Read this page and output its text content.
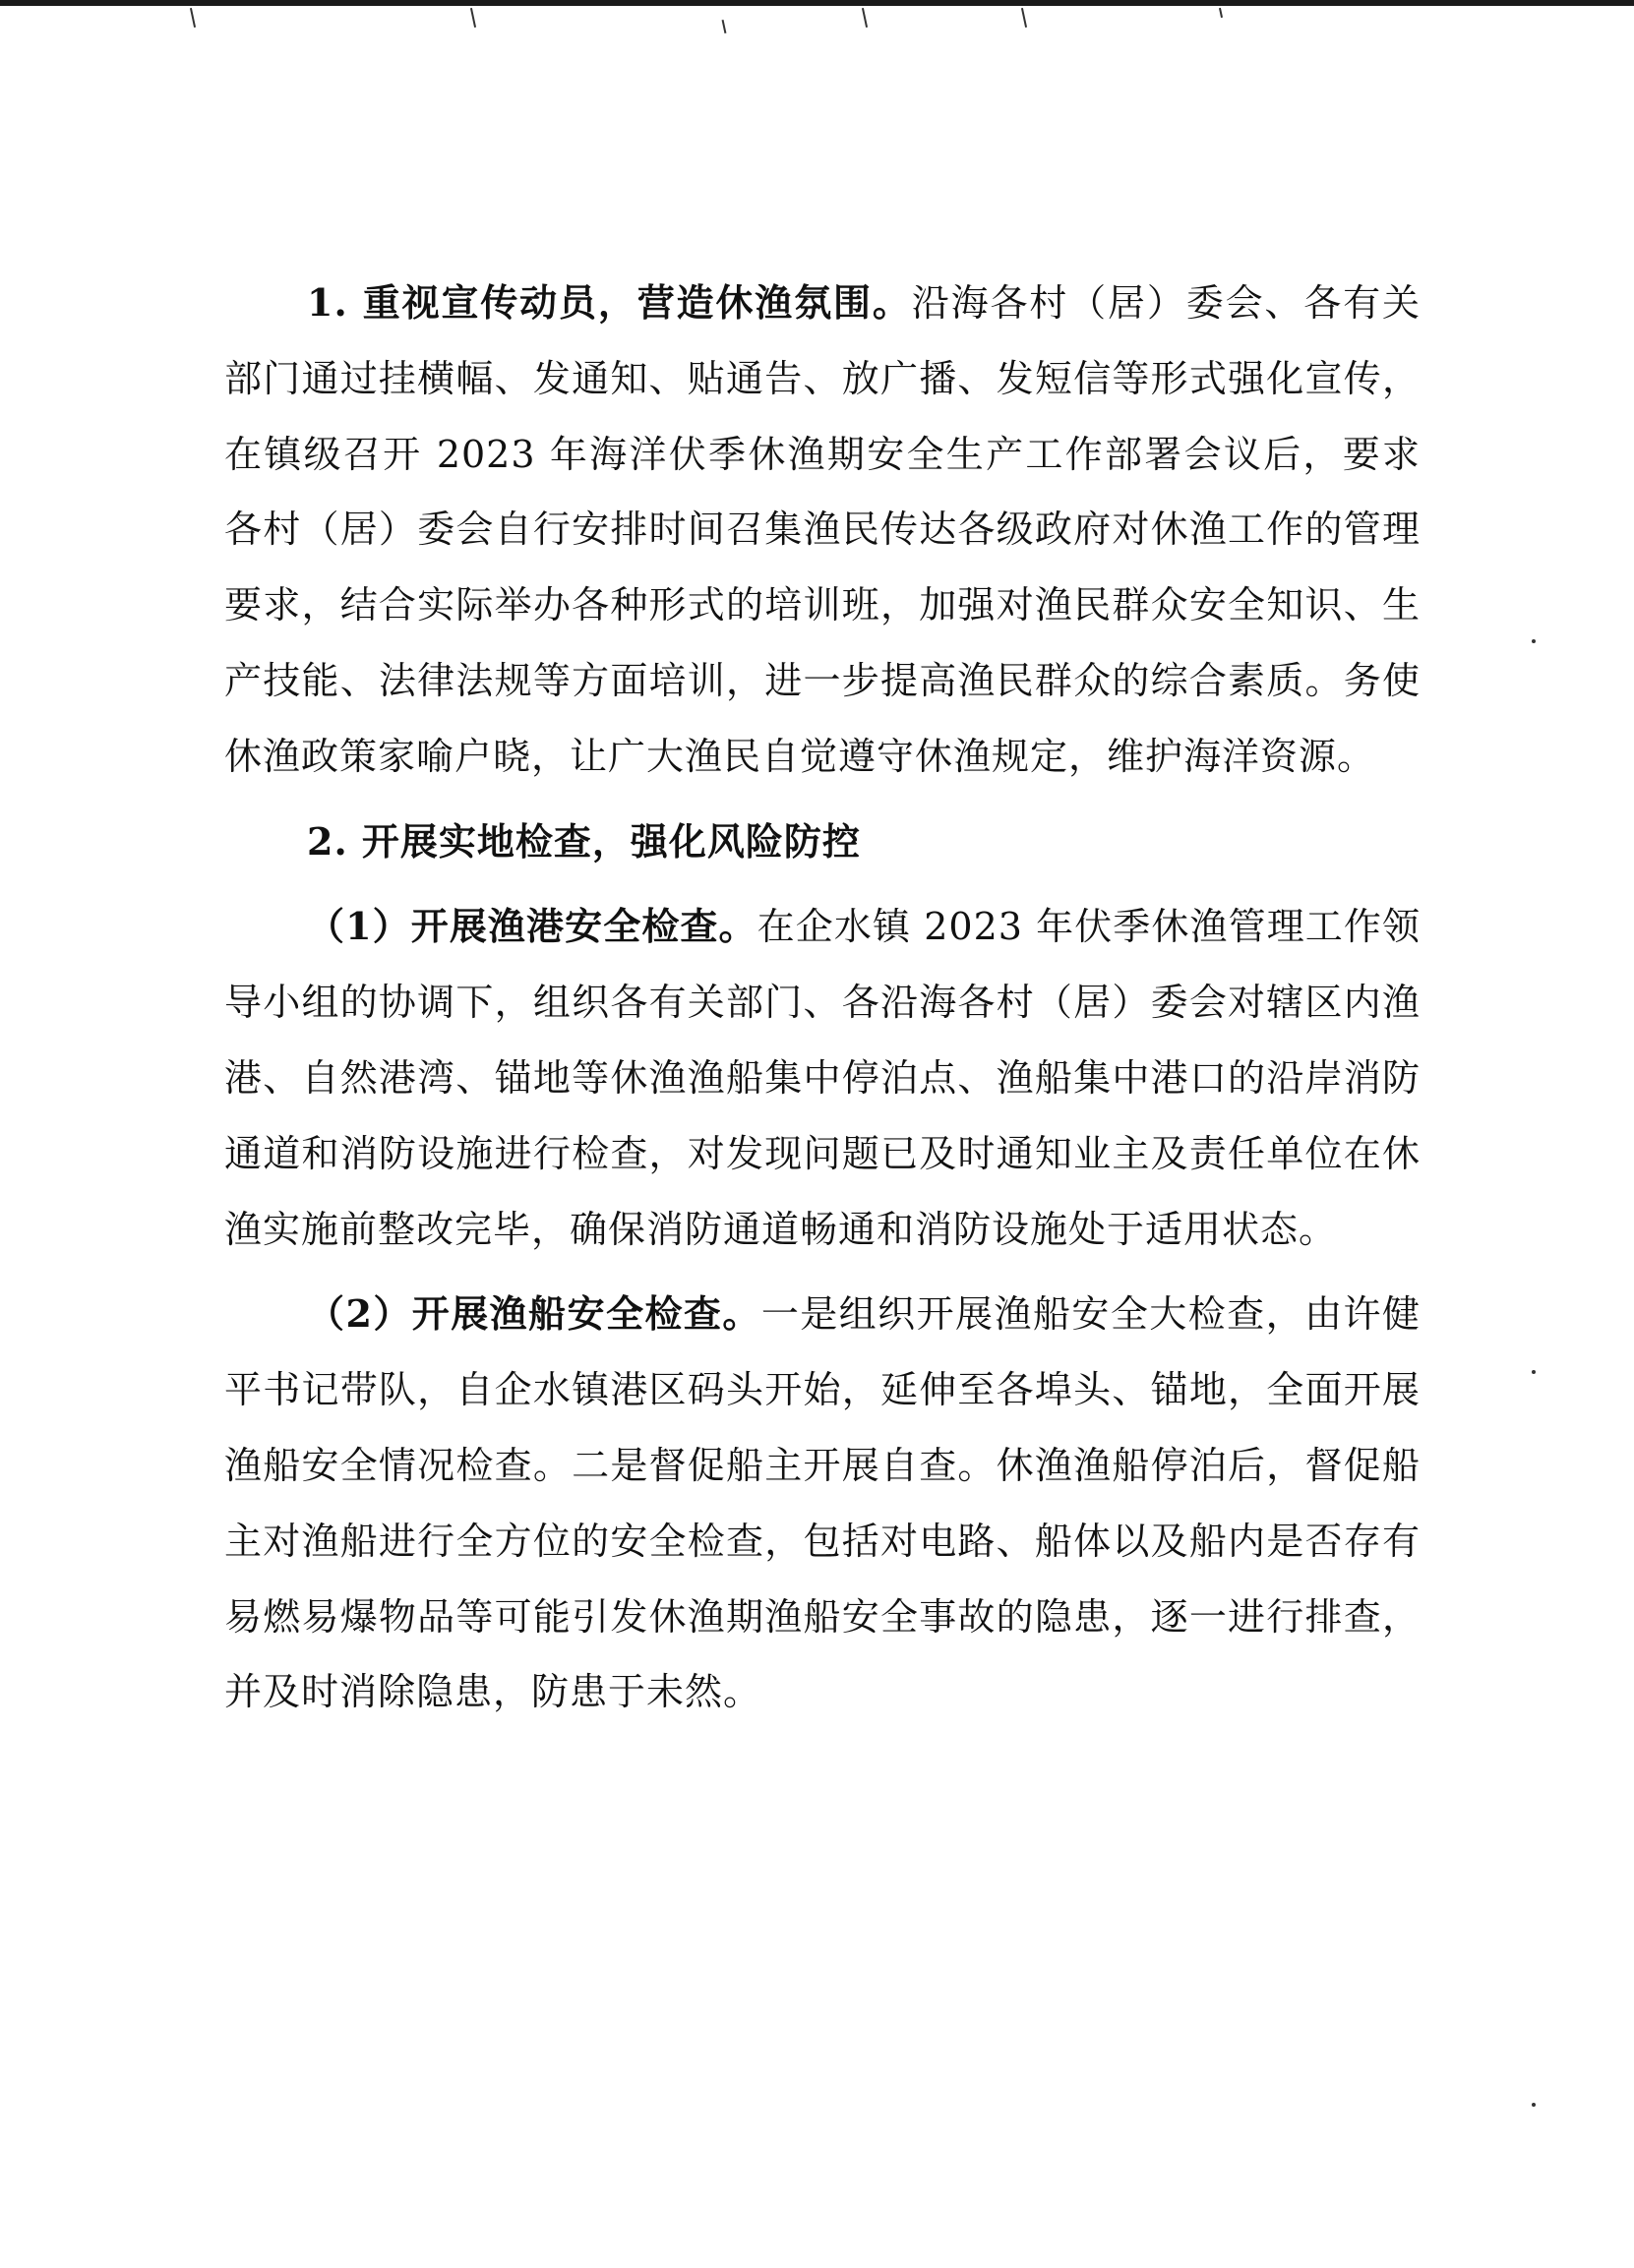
1. 重视宣传动员，营造休渔氛围。沿海各村（居）委会、各有关部门通过挂横幅、发通知、贴通告、放广播、发短信等形式强化宣传，在镇级召开 2023 年海洋伏季休渔期安全生产工作部署会议后，要求各村（居）委会自行安排时间召集渔民传达各级政府对休渔工作的管理要求，结合实际举办各种形式的培训班，加强对渔民群众安全知识、生产技能、法律法规等方面培训，进一步提高渔民群众的综合素质。务使休渔政策家喻户晓，让广大渔民自觉遵守休渔规定，维护海洋资源。

2. 开展实地检查，强化风险防控

（1）开展渔港安全检查。在企水镇 2023 年伏季休渔管理工作领导小组的协调下，组织各有关部门、各沿海各村（居）委会对辖区内渔港、自然港湾、锚地等休渔渔船集中停泊点、渔船集中港口的沿岸消防通道和消防设施进行检查，对发现问题已及时通知业主及责任单位在休渔实施前整改完毕，确保消防通道畅通和消防设施处于适用状态。

（2）开展渔船安全检查。一是组织开展渔船安全大检查，由许健平书记带队，自企水镇港区码头开始，延伸至各埠头、锚地，全面开展渔船安全情况检查。二是督促船主开展自查。休渔渔船停泊后，督促船主对渔船进行全方位的安全检查，包括对电路、船体以及船内是否存有易燃易爆物品等可能引发休渔期渔船安全事故的隐患，逐一进行排查，并及时消除隐患，防患于未然。
